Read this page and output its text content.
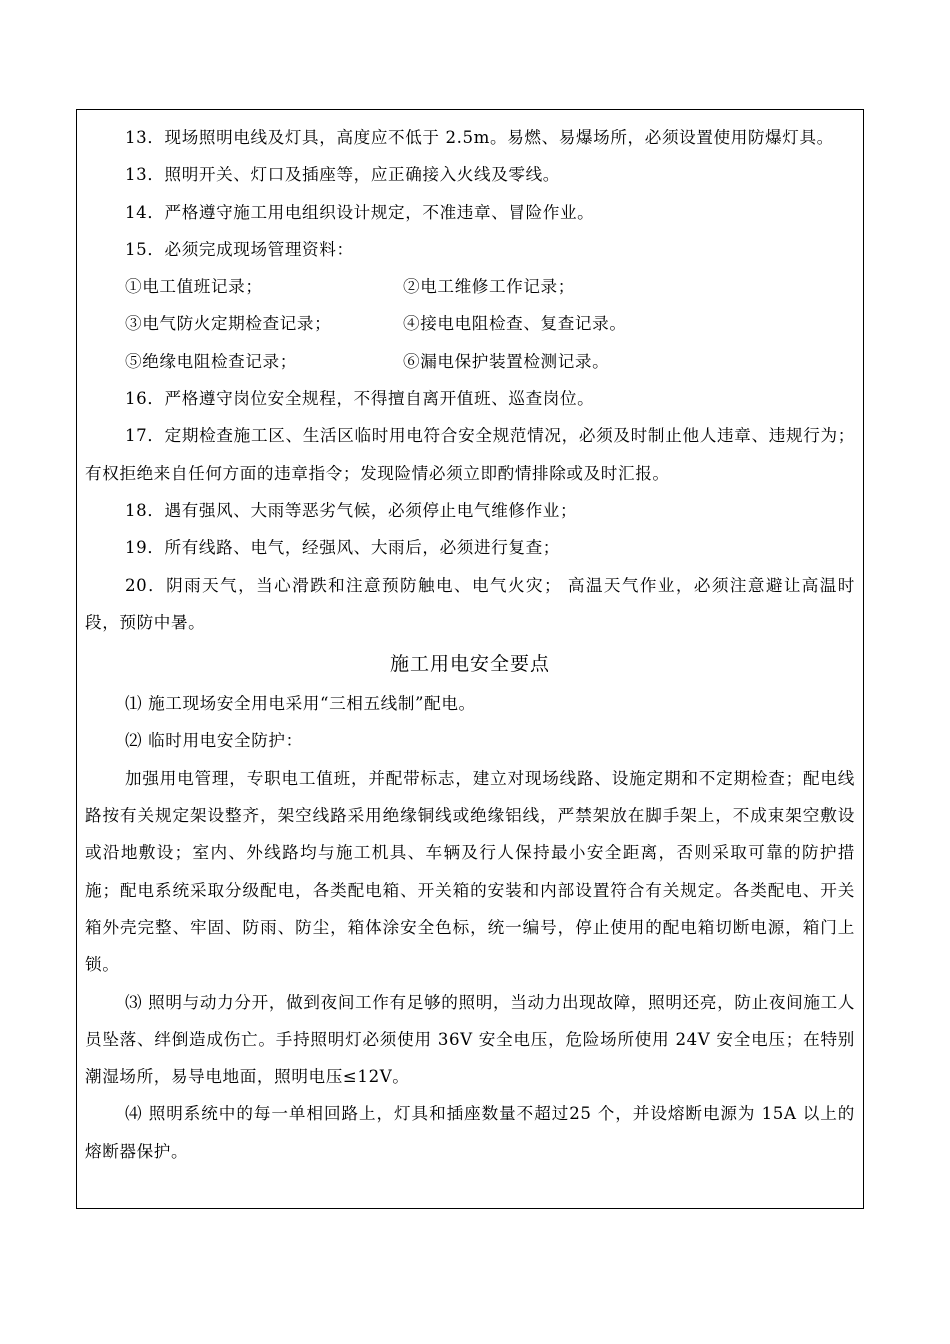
13．现场照明电线及灯具，高度应不低于 2.5m。易燃、易爆场所，必须设置使用防爆灯具。

13．照明开关、灯口及插座等，应正确接入火线及零线。

14．严格遵守施工用电组织设计规定，不准违章、冒险作业。

15．必须完成现场管理资料：

①电工值班记录；	②电工维修工作记录；

③电气防火定期检查记录；	④接电电阻检查、复查记录。

⑤绝缘电阻检查记录；	⑥漏电保护装置检测记录。

16．严格遵守岗位安全规程，不得擅自离开值班、巡查岗位。

17．定期检查施工区、生活区临时用电符合安全规范情况，必须及时制止他人违章、违规行为；有权拒绝来自任何方面的违章指令；发现险情必须立即酌情排除或及时汇报。

18．遇有强风、大雨等恶劣气候，必须停止电气维修作业；

19．所有线路、电气，经强风、大雨后，必须进行复查；

20．阴雨天气，当心滑跌和注意预防触电、电气火灾； 高温天气作业，必须注意避让高温时段，预防中暑。

施工用电安全要点

⑴ 施工现场安全用电采用“三相五线制”配电。

⑵ 临时用电安全防护：

加强用电管理，专职电工值班，并配带标志，建立对现场线路、设施定期和不定期检查；配电线路按有关规定架设整齐，架空线路采用绝缘铜线或绝缘铝线，严禁架放在脚手架上，不成束架空敷设或沿地敷设；室内、外线路均与施工机具、车辆及行人保持最小安全距离，否则采取可靠的防护措施；配电系统采取分级配电，各类配电箱、开关箱的安装和内部设置符合有关规定。各类配电、开关箱外壳完整、牢固、防雨、防尘，箱体涂安全色标，统一编号，停止使用的配电箱切断电源，箱门上锁。

⑶ 照明与动力分开，做到夜间工作有足够的照明，当动力出现故障，照明还亮，防止夜间施工人员坠落、绊倒造成伤亡。手持照明灯必须使用 36V 安全电压，危险场所使用 24V 安全电压；在特别潮湿场所，易导电地面，照明电压≤12V。

⑷ 照明系统中的每一单相回路上，灯具和插座数量不超过25 个，并设熔断电源为 15A 以上的熔断器保护。
